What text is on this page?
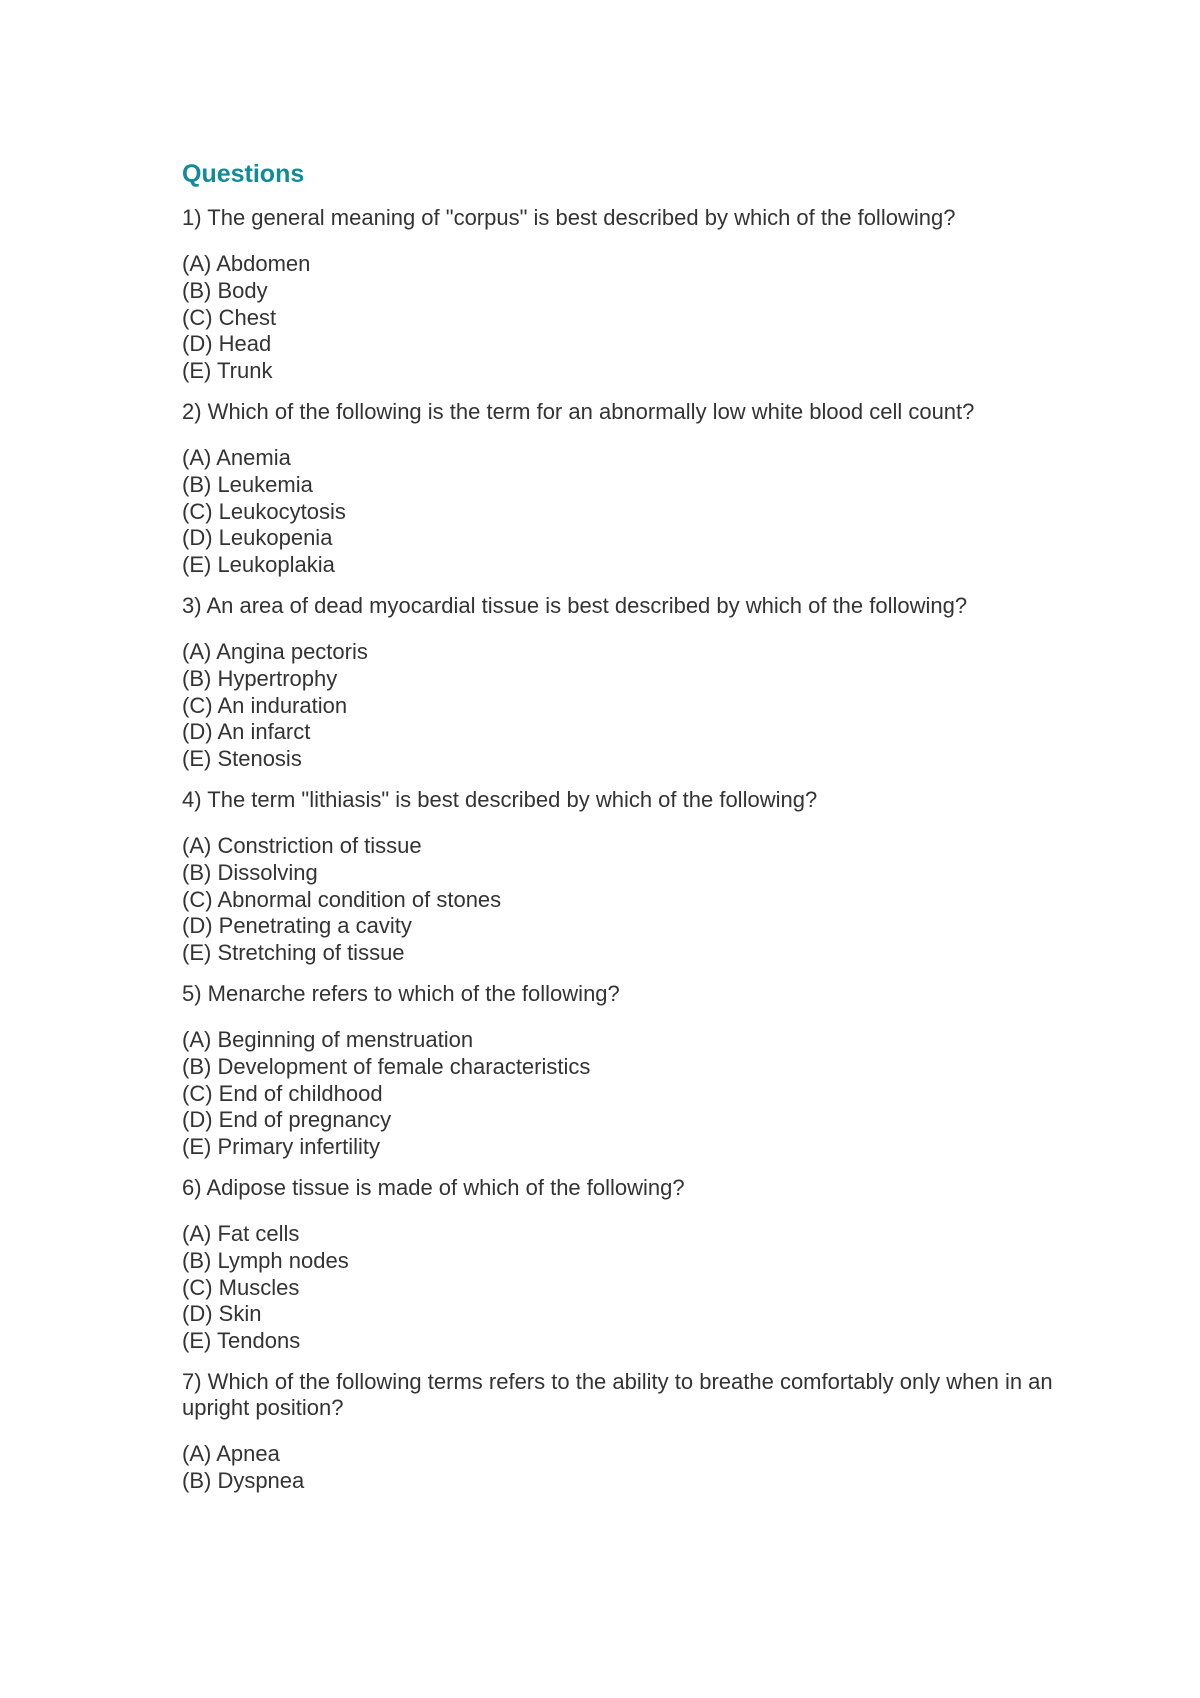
Questions

1) The general meaning of "corpus" is best described by which of the following?

(A) Abdomen
(B) Body
(C) Chest
(D) Head
(E) Trunk

2) Which of the following is the term for an abnormally low white blood cell count?

(A) Anemia
(B) Leukemia
(C) Leukocytosis
(D) Leukopenia
(E) Leukoplakia

3) An area of dead myocardial tissue is best described by which of the following?

(A) Angina pectoris
(B) Hypertrophy
(C) An induration
(D) An infarct
(E) Stenosis

4) The term "lithiasis" is best described by which of the following?

(A) Constriction of tissue
(B) Dissolving
(C) Abnormal condition of stones
(D) Penetrating a cavity
(E) Stretching of tissue

5) Menarche refers to which of the following?

(A) Beginning of menstruation
(B) Development of female characteristics
(C) End of childhood
(D) End of pregnancy
(E) Primary infertility

6) Adipose tissue is made of which of the following?

(A) Fat cells
(B) Lymph nodes
(C) Muscles
(D) Skin
(E) Tendons

7) Which of the following terms refers to the ability to breathe comfortably only when in an upright position?

(A) Apnea
(B) Dyspnea
